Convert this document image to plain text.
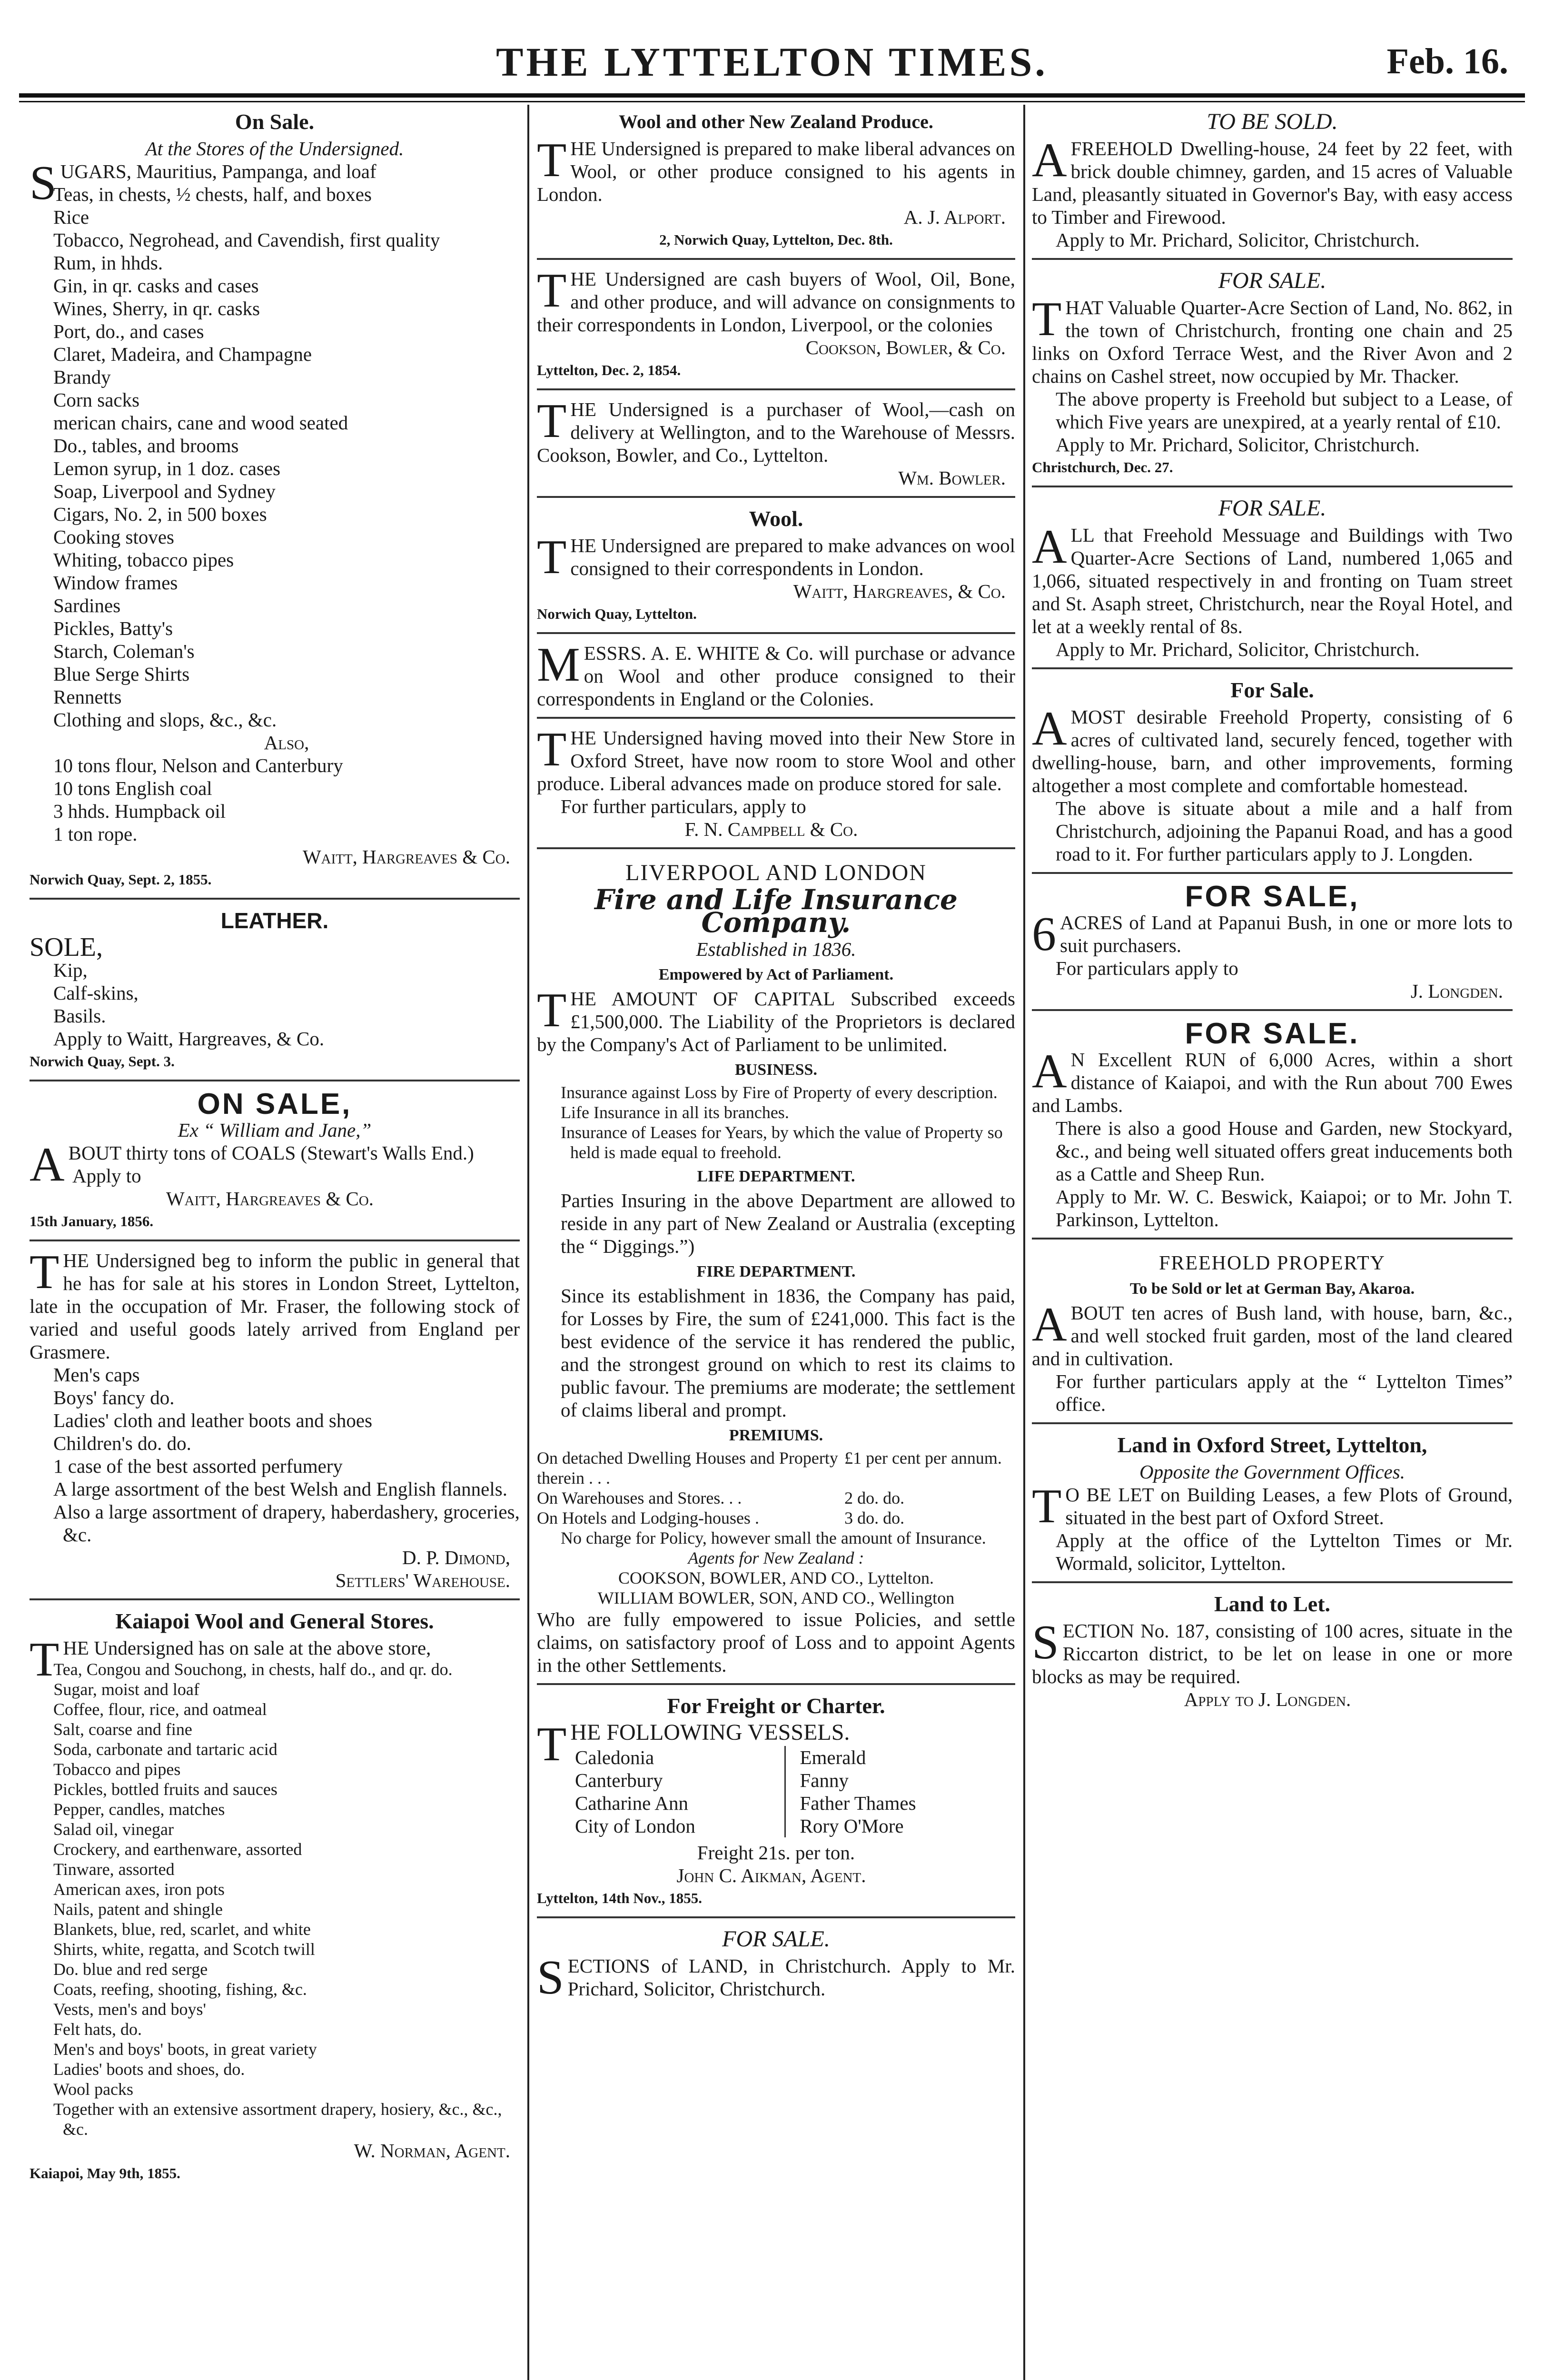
THE LYTTELTON TIMES.	Feb. 16.
On Sale.
At the Stores of the Undersigned.

SUGARS, Mauritius, Pampanga, and loaf

Teas, in chests, ½ chests, half, and boxes
Rice
Tobacco, Negrohead, and Cavendish, first quality
Rum, in hhds.
Gin, in qr. casks and cases
Wines, Sherry, in qr. casks
Port, do., and cases
Claret, Madeira, and Champagne
Brandy
Corn sacks
merican chairs, cane and wood seated
Do., tables, and brooms
Lemon syrup, in 1 doz. cases
Soap, Liverpool and Sydney
Cigars, No. 2, in 500 boxes
Cooking stoves
Whiting, tobacco pipes
Window frames
Sardines
Pickles, Batty's
Starch, Coleman's
Blue Serge Shirts
Rennetts
Clothing and slops, &c., &c.
Also,
10 tons flour, Nelson and Canterbury
10 tons English coal
3 hhds. Humpback oil
1 ton rope.
Waitt, Hargreaves & Co.
Norwich Quay, Sept. 2, 1855.
LEATHER.
SOLE,
Kip,
Calf-skins,
Basils.
Apply to Waitt, Hargreaves, & Co.
Norwich Quay, Sept. 3.
ON SALE,
Ex “ William and Jane,”

ABOUT thirty tons of COALS (Stewart's Walls End.)

Apply to
Waitt, Hargreaves & Co.
15th January, 1856.

THE Undersigned beg to inform the public in general that he has for sale at his stores in London Street, Lyttelton, late in the occupation of Mr. Fraser, the following stock of varied and useful goods lately arrived from England per Grasmere.

Men's caps
Boys' fancy do.
Ladies' cloth and leather boots and shoes
Children's do. do.
1 case of the best assorted perfumery
A large assortment of the best Welsh and English flannels.
Also a large assortment of drapery, haberdashery, groceries, &c.
D. P. Dimond,
Settlers' Warehouse.
Kaiapoi Wool and General Stores.

THE Undersigned has on sale at the above store,

Tea, Congou and Souchong, in chests, half do., and qr. do.
Sugar, moist and loaf
Coffee, flour, rice, and oatmeal
Salt, coarse and fine
Soda, carbonate and tartaric acid
Tobacco and pipes
Pickles, bottled fruits and sauces
Pepper, candles, matches
Salad oil, vinegar
Crockery, and earthenware, assorted
Tinware, assorted
American axes, iron pots
Nails, patent and shingle
Blankets, blue, red, scarlet, and white
Shirts, white, regatta, and Scotch twill
Do. blue and red serge
Coats, reefing, shooting, fishing, &c.
Vests, men's and boys'
Felt hats, do.
Men's and boys' boots, in great variety
Ladies' boots and shoes, do.
Wool packs
Together with an extensive assortment drapery, hosiery, &c., &c., &c.
W. Norman, Agent.
Kaiapoi, May 9th, 1855.
Wool and other New Zealand Produce.

THE Undersigned is prepared to make liberal advances on Wool, or other produce consigned to his agents in London.

A. J. Alport.
2, Norwich Quay, Lyttelton, Dec. 8th.

THE Undersigned are cash buyers of Wool, Oil, Bone, and other produce, and will advance on consignments to their correspondents in London, Liverpool, or the colonies

Cookson, Bowler, & Co.
Lyttelton, Dec. 2, 1854.

THE Undersigned is a purchaser of Wool,—cash on delivery at Wellington, and to the Warehouse of Messrs. Cookson, Bowler, and Co., Lyttelton.

Wm. Bowler.
Wool.

THE Undersigned are prepared to make advances on wool consigned to their correspondents in London.

Waitt, Hargreaves, & Co.
Norwich Quay, Lyttelton.

MESSRS. A. E. WHITE & Co. will purchase or advance on Wool and other produce consigned to their correspondents in England or the Colonies.

THE Undersigned having moved into their New Store in Oxford Street, have now room to store Wool and other produce. Liberal advances made on produce stored for sale.

For further particulars, apply to
F. N. Campbell & Co.
LIVERPOOL AND LONDON
Fire and Life Insurance Company.
Established in 1836.
Empowered by Act of Parliament.

THE AMOUNT OF CAPITAL Subscribed exceeds £1,500,000. The Liability of the Proprietors is declared by the Company's Act of Parliament to be unlimited.

BUSINESS.
Insurance against Loss by Fire of Property of every description.
Life Insurance in all its branches.
Insurance of Leases for Years, by which the value of Property so held is made equal to freehold.
LIFE DEPARTMENT.

Parties Insuring in the above Department are allowed to reside in any part of New Zealand or Australia (excepting the “ Diggings.”)

FIRE DEPARTMENT.

Since its establishment in 1836, the Company has paid, for Losses by Fire, the sum of £241,000. This fact is the best evidence of the service it has rendered the public, and the strongest ground on which to rest its claims to public favour. The premiums are moderate; the settlement of claims liberal and prompt.

PREMIUMS.
On detached Dwelling Houses and Property therein . . .
£1 per cent per annum.
On Warehouses and Stores. . .	2 do. do.
On Hotels and Lodging-houses .	3 do. do.
No charge for Policy, however small the amount of Insurance.
Agents for New Zealand :
COOKSON, BOWLER, AND CO., Lyttelton.
WILLIAM BOWLER, SON, AND CO., Wellington

Who are fully empowered to issue Policies, and settle claims, on satisfactory proof of Loss and to appoint Agents in the other Settlements.

For Freight or Charter.

THE FOLLOWING VESSELS.

Caledonia	Emerald
Canterbury	Fanny
Catharine Ann	Father Thames
City of London	Rory O'More
Freight 21s. per ton.
John C. Aikman, Agent.
Lyttelton, 14th Nov., 1855.
FOR SALE.

SECTIONS of LAND, in Christchurch. Apply to Mr. Prichard, Solicitor, Christchurch.

TO BE SOLD.

AFREEHOLD Dwelling-house, 24 feet by 22 feet, with brick double chimney, garden, and 15 acres of Valuable Land, pleasantly situated in Governor's Bay, with easy access to Timber and Firewood.

Apply to Mr. Prichard, Solicitor, Christchurch.

FOR SALE.

THAT Valuable Quarter-Acre Section of Land, No. 862, in the town of Christchurch, fronting one chain and 25 links on Oxford Terrace West, and the River Avon and 2 chains on Cashel street, now occupied by Mr. Thacker.

The above property is Freehold but subject to a Lease, of which Five years are unexpired, at a yearly rental of £10.

Apply to Mr. Prichard, Solicitor, Christchurch.

Christchurch, Dec. 27.
FOR SALE.

ALL that Freehold Messuage and Buildings with Two Quarter-Acre Sections of Land, numbered 1,065 and 1,066, situated respectively in and fronting on Tuam street and St. Asaph street, Christchurch, near the Royal Hotel, and let at a weekly rental of 8s.

Apply to Mr. Prichard, Solicitor, Christchurch.

For Sale.

AMOST desirable Freehold Property, consisting of 6 acres of cultivated land, securely fenced, together with dwelling-house, barn, and other improvements, forming altogether a most complete and comfortable homestead.

The above is situate about a mile and a half from Christchurch, adjoining the Papanui Road, and has a good road to it. For further particulars apply to J. Longden.

FOR SALE,

6ACRES of Land at Papanui Bush, in one or more lots to suit purchasers.

For particulars apply to
J. Longden.
FOR SALE.

AN Excellent RUN of 6,000 Acres, within a short distance of Kaiapoi, and with the Run about 700 Ewes and Lambs.

There is also a good House and Garden, new Stockyard, &c., and being well situated offers great inducements both as a Cattle and Sheep Run.

Apply to Mr. W. C. Beswick, Kaiapoi; or to Mr. John T. Parkinson, Lyttelton.

FREEHOLD PROPERTY
To be Sold or let at German Bay, Akaroa.

ABOUT ten acres of Bush land, with house, barn, &c., and well stocked fruit garden, most of the land cleared and in cultivation.

For further particulars apply at the “ Lyttelton Times” office.

Land in Oxford Street, Lyttelton,
Opposite the Government Offices.

TO BE LET on Building Leases, a few Plots of Ground, situated in the best part of Oxford Street.

Apply at the office of the Lyttelton Times or Mr. Wormald, solicitor, Lyttelton.

Land to Let.

SECTION No. 187, consisting of 100 acres, situate in the Riccarton district, to be let on lease in one or more blocks as may be required.

Apply to J. Longden.
